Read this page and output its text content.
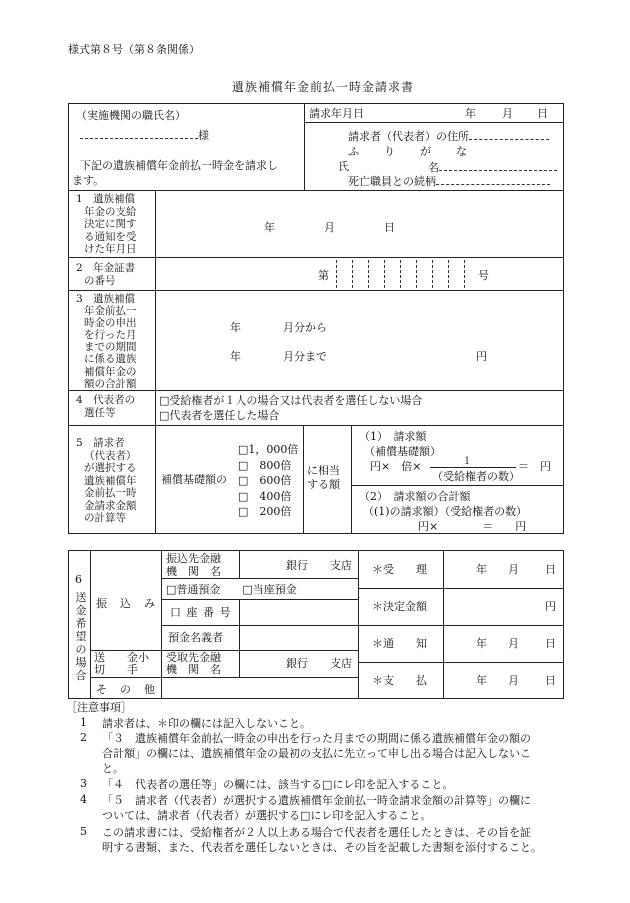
様式第８号（第８条関係）
遺族補償年金前払一時金請求書
（実施機関の職氏名）
様
下記の遺族補償年金前払一時金を請求し
ます。
請求年月日	年 月 日
請求者（代表者）の住所
ふ　　り　　が　　な
氏	名
死亡職員との続柄
1　遺族補償
年金の支給
決定に関す
る通知を受
けた年月日
年	月	日
2　年金証書
の番号	第	号
3　遺族補償
年金前払一
時金の申出
を行った月
までの期間
に係る遺族
補償年金の
額の合計額
年	月分から
年	月分まで	円
4　代表者の
選任等
□受給権者が１人の場合又は代表者を選任しない場合
□代表者を選任した場合
5　請求者
（代表者）
が選択する
遺族補償年
金前払一時
金請求金額
の計算等
補償基礎額の
□1，000倍
□　800倍
□　600倍
□　400倍
□　200倍
に相当
する額
（1）　請求額
（補償基礎額）
円×　倍×	１	＝　円
（受給権者の数）
（2）　請求額の合計額
（(1)の請求額）（受給権者の数）
円×　　　　＝　　円
6
送
金
希
望
の
場
合
振　込　み
振込先金融
機　関　名	銀行　　支店
□普通預金　　□当座預金
口 座 番 号
預金名義者
送　　金小
切　　手
受取先金融
機　関　名	銀行　　支店
そ　の　他
＊受　　理	年 月 日
＊決定金額	円
＊通　　知	年 月 日
＊支　　払	年 月 日
［注意事項］
1 請求者は、＊印の欄には記入しないこと。
2 「３　遺族補償年金前払一時金の申出を行った月までの期間に係る遺族補償年金の額の
合計額」の欄には、遺族補償年金の最初の支払に先立って申し出る場合は記入しないこ
と。
3 「４　代表者の選任等」の欄には、該当する□にレ印を記入すること。
4 「５　請求者（代表者）が選択する遺族補償年金前払一時金請求金額の計算等」の欄に
ついては、請求者（代表者）が選択する□にレ印を記入すること。
5 この請求書には、受給権者が２人以上ある場合で代表者を選任したときは、その旨を証
明する書類、また、代表者を選任しないときは、その旨を記載した書類を添付すること。
